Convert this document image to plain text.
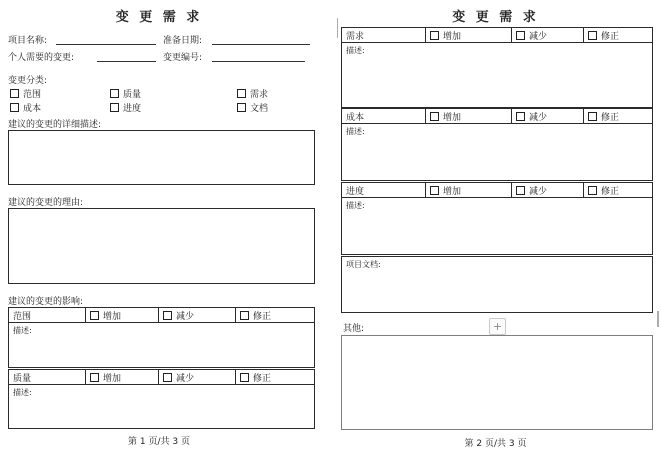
变 更 需 求
项目名称:	准备日期:
个人需要的变更:	变更编号:
变更分类:
范围	质量	需求
成本	进度	文档
建议的变更的详细描述:
建议的变更的理由:
建议的变更的影响:
范围	增加	减少	修正
描述:
质量	增加	减少	修正
描述:
第 1 页/共 3 页
变 更 需 求
需求	增加	减少	修正
描述:
成本	增加	减少	修正
描述:
进度	增加	减少	修正
描述:
项目文档:
其他:	+
第 2 页/共 3 页
